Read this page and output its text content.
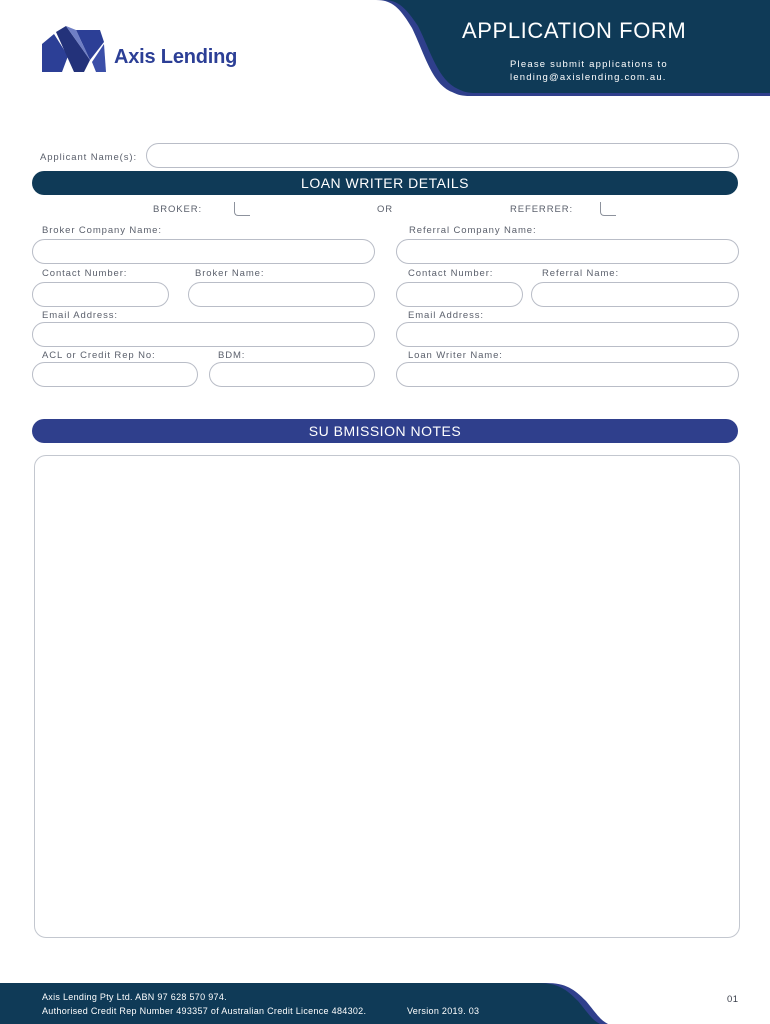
Axis Lending
APPLICATION FORM
Please submit applications to
lending@axislending.com.au.
Applicant Name(s):
LOAN WRITER DETAILS
BROKER:	OR	REFERRER:
Broker Company Name:	Referral Company Name:
Contact Number:	Broker Name:	Contact Number:	Referral Name:
Email Address:	Email Address:
ACL or Credit Rep No:	BDM:	Loan Writer Name:
SU BMISSION NOTES
Axis Lending Pty Ltd. ABN 97 628 570 974.
Authorised Credit Rep Number 493357 of Australian Credit Licence 484302.	Version 2019. 03
01
